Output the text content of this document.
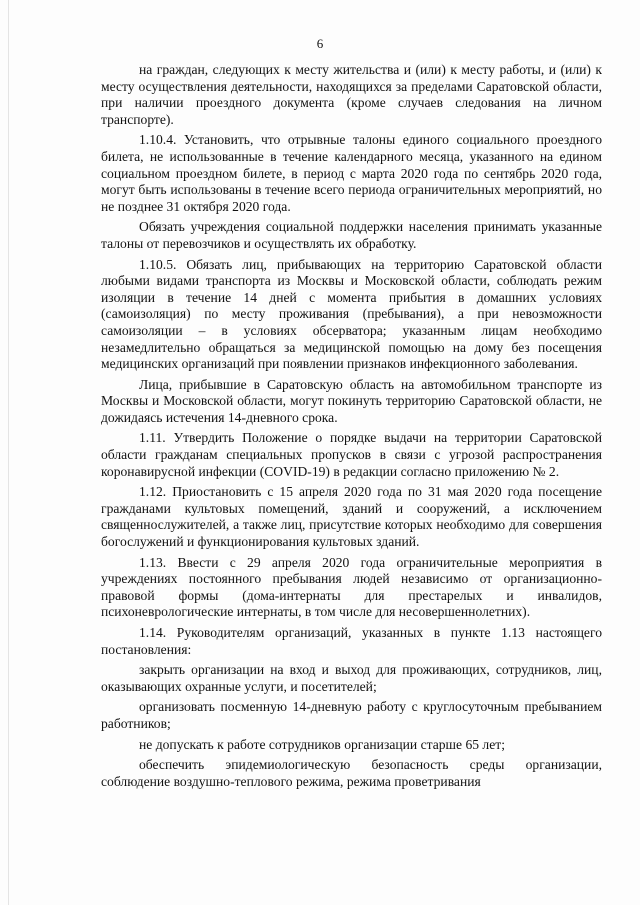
6

на граждан, следующих к месту жительства и (или) к месту работы, и (или) к месту осуществления деятельности, находящихся за пределами Саратовской области, при наличии проездного документа (кроме случаев следования на личном транспорте).

1.10.4. Установить, что отрывные талоны единого социального проездного билета, не использованные в течение календарного месяца, указанного на едином социальном проездном билете, в период с марта 2020 года по сентябрь 2020 года, могут быть использованы в течение всего периода ограничительных мероприятий, но не позднее 31 октября 2020 года.

Обязать учреждения социальной поддержки населения принимать указанные талоны от перевозчиков и осуществлять их обработку.

1.10.5. Обязать лиц, прибывающих на территорию Саратовской области любыми видами транспорта из Москвы и Московской области, соблюдать режим изоляции в течение 14 дней с момента прибытия в домашних условиях (самоизоляция) по месту проживания (пребывания), а при невозможности самоизоляции – в условиях обсерватора; указанным лицам необходимо незамедлительно обращаться за медицинской помощью на дому без посещения медицинских организаций при появлении признаков инфекционного заболевания.

Лица, прибывшие в Саратовскую область на автомобильном транспорте из Москвы и Московской области, могут покинуть территорию Саратовской области, не дожидаясь истечения 14-дневного срока.

1.11. Утвердить Положение о порядке выдачи на территории Саратовской области гражданам специальных пропусков в связи с угрозой распространения коронавирусной инфекции (COVID-19) в редакции согласно приложению № 2.

1.12. Приостановить с 15 апреля 2020 года по 31 мая 2020 года посещение гражданами культовых помещений, зданий и сооружений, а исключением священнослужителей, а также лиц, присутствие которых необходимо для совершения богослужений и функционирования культовых зданий.

1.13. Ввести с 29 апреля 2020 года ограничительные мероприятия в учреждениях постоянного пребывания людей независимо от организационно-правовой формы (дома-интернаты для престарелых и инвалидов, психоневрологические интернаты, в том числе для несовершеннолетних).

1.14. Руководителям организаций, указанных в пункте 1.13 настоящего постановления:

закрыть организации на вход и выход для проживающих, сотрудников, лиц, оказывающих охранные услуги, и посетителей;

организовать посменную 14-дневную работу с круглосуточным пребыванием работников;

не допускать к работе сотрудников организации старше 65 лет;

обеспечить эпидемиологическую безопасность среды организации, соблюдение воздушно-теплового режима, режима проветривания
